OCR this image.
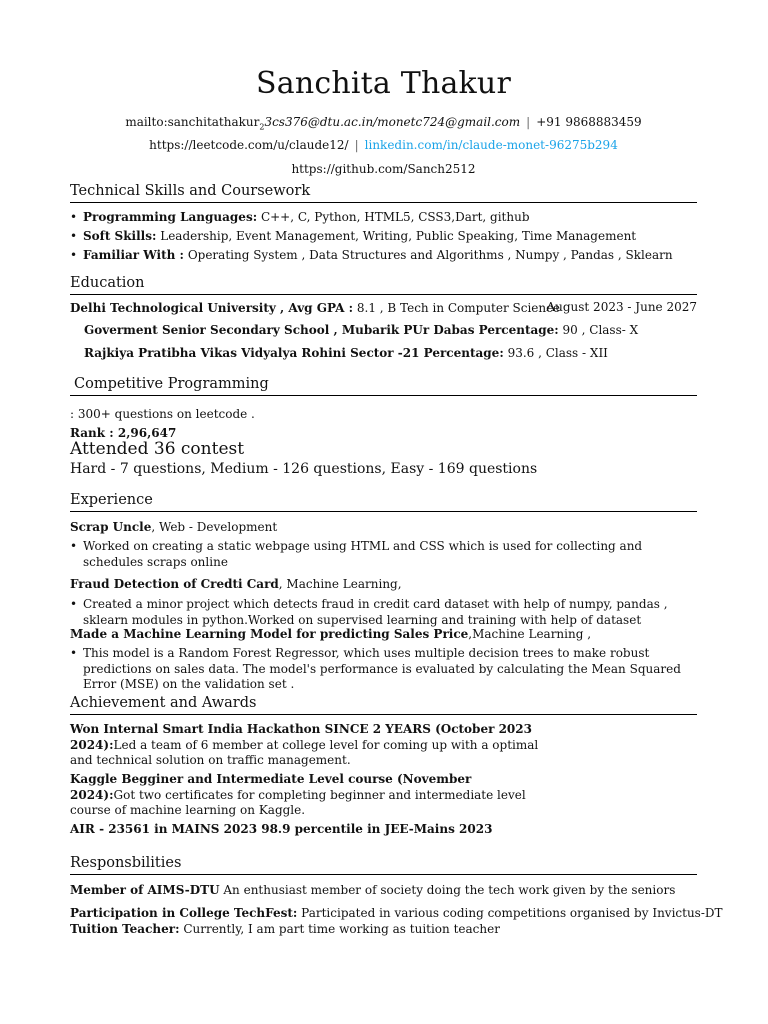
Sanchita Thakur
mailto:sanchitathakur$_2$3cs376@dtu.ac.in/monetc724@gmail.com | +91 9868883459
https://leetcode.com/u/claude12/ | linkedin.com/in/claude-monet-96275b294
https://github.com/Sanch2512
Technical Skills and Coursework
• Programming Languages: C++, C, Python, HTML5, CSS3,Dart, github
• Soft Skills: Leadership, Event Management, Writing, Public Speaking, Time Management
• Familiar With : Operating System , Data Structures and Algorithms , Numpy , Pandas , Sklearn
Education
Delhi Technological University , Avg GPA : 8.1 , B Tech in Computer Science
August 2023 - June 2027
Goverment Senior Secondary School , Mubarik PUr Dabas Percentage: 90 , Class- X
Rajkiya Pratibha Vikas Vidyalya Rohini Sector -21 Percentage: 93.6 , Class - XII
Competitive Programming
: 300+ questions on leetcode .
Rank : 2,96,647
Attended 36 contest
Hard - 7 questions, Medium - 126 questions, Easy - 169 questions
Experience
Scrap Uncle, Web - Development
• Worked on creating a static webpage using HTML and CSS which is used for collecting and schedules scraps online
Fraud Detection of Credti Card, Machine Learning,
• Created a minor project which detects fraud in credit card dataset with help of numpy, pandas , sklearn modules in python.Worked on supervised learning and training with help of dataset
Made a Machine Learning Model for predicting Sales Price,Machine Learning ,
• This model is a Random Forest Regressor, which uses multiple decision trees to make robust predictions on sales data. The model's performance is evaluated by calculating the Mean Squared Error (MSE) on the validation set .
Achievement and Awards
Won Internal Smart India Hackathon SINCE 2 YEARS (October 2023 2024):Led a team of 6 member at college level for coming up with a optimal and technical solution on traffic management.
Kaggle Begginer and Intermediate Level course (November 2024):Got two certificates for completing beginner and intermediate level course of machine learning on Kaggle.
AIR - 23561 in MAINS 2023 98.9 percentile in JEE-Mains 2023
Responsbilities
Member of AIMS-DTU An enthusiast member of society doing the tech work given by the seniors
Participation in College TechFest: Participated in various coding competitions organised by Invictus-DT
Tuition Teacher: Currently, I am part time working as tuition teacher
